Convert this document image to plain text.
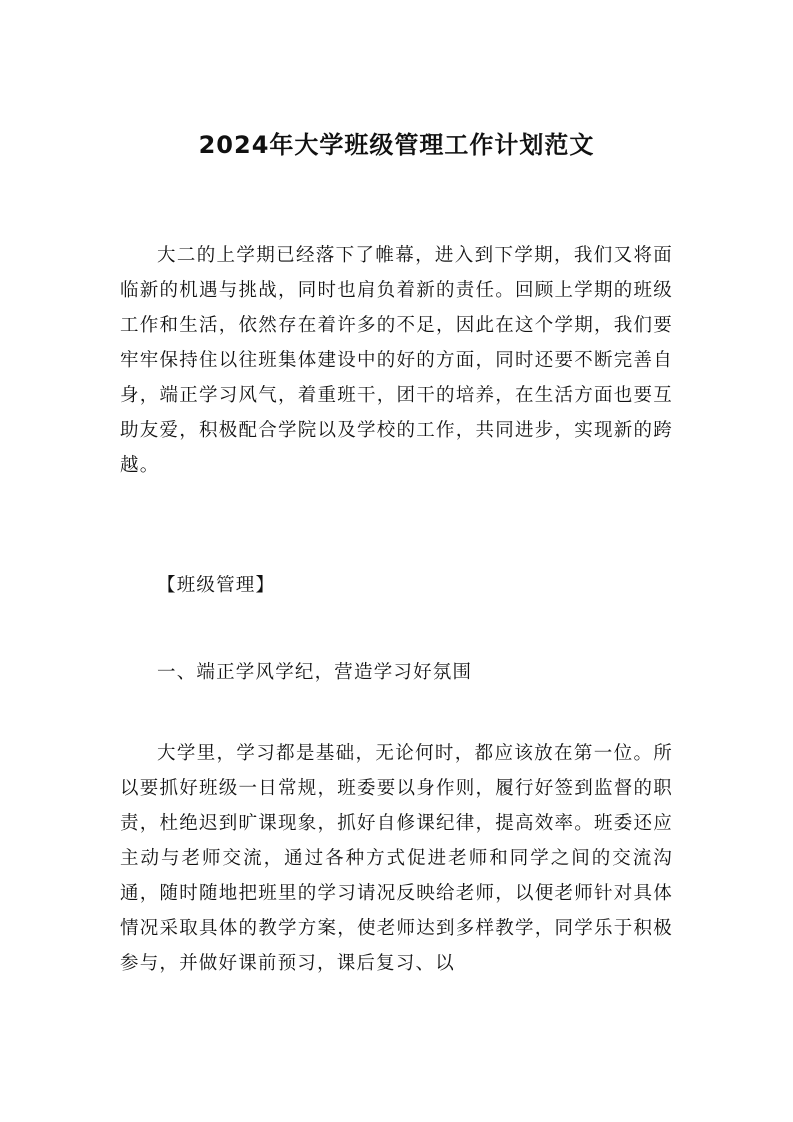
2024年大学班级管理工作计划范文

大二的上学期已经落下了帷幕，进入到下学期，我们又将面临新的机遇与挑战，同时也肩负着新的责任。回顾上学期的班级工作和生活，依然存在着许多的不足，因此在这个学期，我们要牢牢保持住以往班集体建设中的好的方面，同时还要不断完善自身，端正学习风气，着重班干，团干的培养，在生活方面也要互助友爱，积极配合学院以及学校的工作，共同进步，实现新的跨越。

【班级管理】

一、端正学风学纪，营造学习好氛围

大学里，学习都是基础，无论何时，都应该放在第一位。所以要抓好班级一日常规，班委要以身作则，履行好签到监督的职责，杜绝迟到旷课现象，抓好自修课纪律，提高效率。班委还应主动与老师交流，通过各种方式促进老师和同学之间的交流沟通，随时随地把班里的学习请况反映给老师，以便老师针对具体情况采取具体的教学方案，使老师达到多样教学，同学乐于积极参与，并做好课前预习，课后复习、以
